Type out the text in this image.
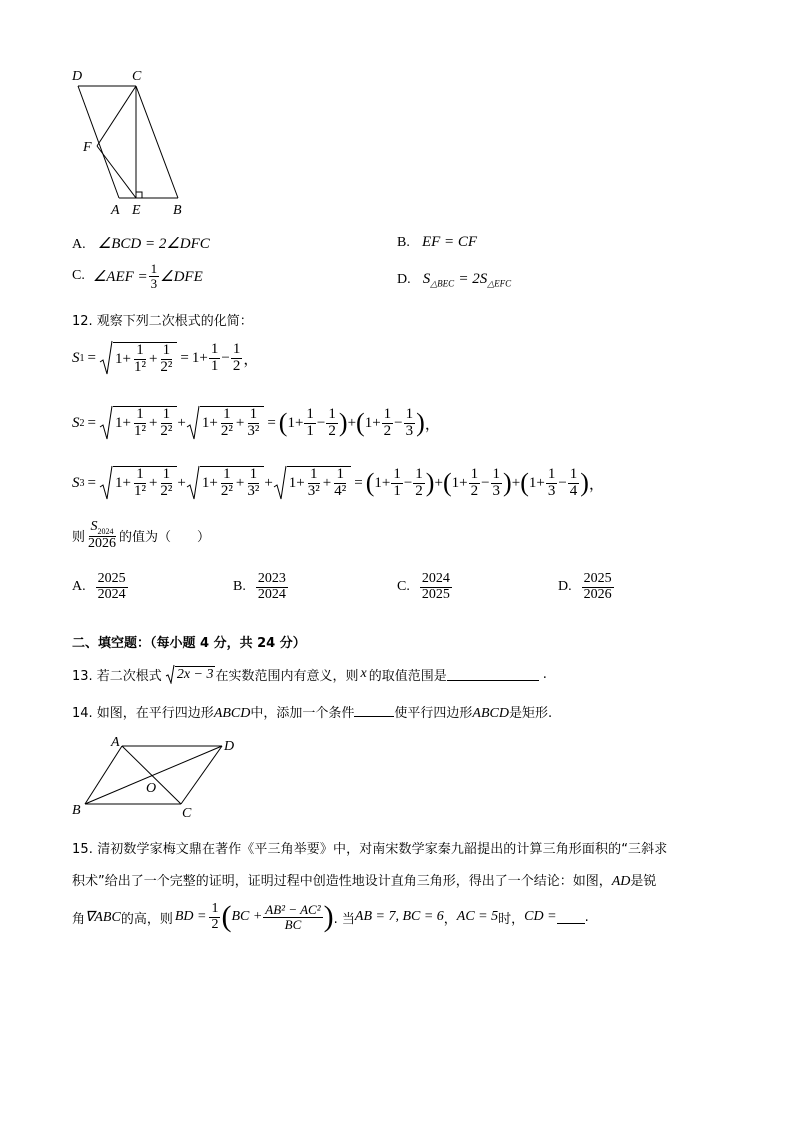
D	C
F
A E B
A. ∠BCD = 2∠DFC	B. EF = CF
C. ∠AEF = $\frac{1}{3}$ ∠DFE	D. $S_{\triangle BEC} = 2S_{\triangle EFC}$
12. 观察下列二次根式的化简：
S $1 = 1+ \frac{1}{\text{1²}} + \frac{1}{\text{2²}} = 1+ \frac{1}{1} - \frac{1}{2}$ ，
S $2 = 1+ \frac{1}{\text{1²}} + \frac{1}{\text{2²}} + 1+ \frac{1}{\text{2²}} + \frac{1}{\text{3²}}$ = ( $1+ \frac{1}{1} - \frac{1}{2}$ ) + ( $1+ \frac{1}{2} - \frac{1}{3}$ ) ，
S $3 = 1+ \frac{1}{\text{1²}} + \frac{1}{\text{2²}} + 1+ \frac{1}{\text{2²}} + \frac{1}{\text{3²}} + 1+ \frac{1}{\text{3²}} + \frac{1}{\text{4²}}$ = ( $1+ \frac{1}{1} - \frac{1}{2}$ ) + ( $1+ \frac{1}{2} - \frac{1}{3}$ ) + ( $1+ \frac{1}{3} - \frac{1}{4}$ ) ，
则 $\frac{S_{2024}}{2026}$ 的值为（　　）
A. $\frac{2025}{2024}$	B. $\frac{2023}{2024}$	C. $\frac{2024}{2025}$	D. $\frac{2025}{2026}$
二、填空题：（每小题 4 分，共 24 分）
13. 若二次根式 2x − 3 在实数范围内有意义，则 x 的取值范围是	.
14. 如图，在平行四边形ABCD中，添加一个条件	使平行四边形ABCD是矩形.
A	D
O
B	C
15. 清初数学家梅文鼎在著作《平三角举要》中，对南宋数学家秦九韶提出的计算三角形面积的“三斜求
积术”给出了一个完整的证明，证明过程中创造性地设计直角三角形，得出了一个结论：如图，AD是锐
角 ∇ABC 的高，则 BD = $\frac{1}{2}$ ( BC + $\frac{\text{AB² − AC²}}{BC}$ ) . 当 AB = 7, BC = 6 ， AC = 5 时， CD = .
